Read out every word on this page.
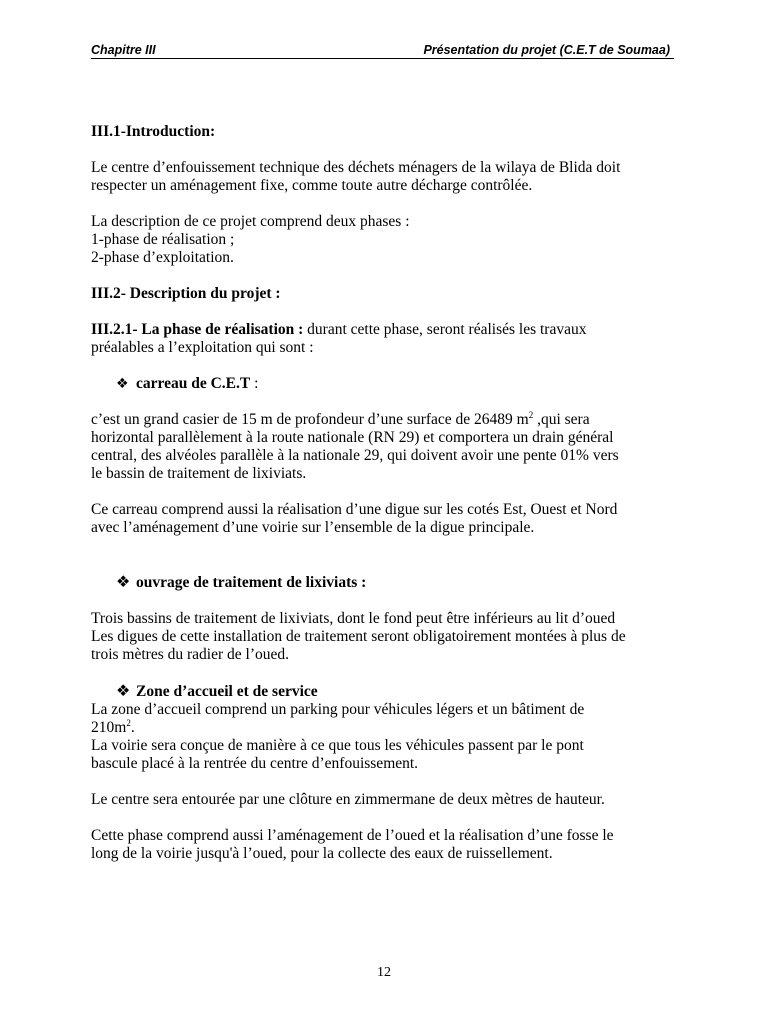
Chapitre III	Présentation du projet (C.E.T de Soumaa)

III.1-Introduction:

Le centre d’enfouissement technique des déchets ménagers de la wilaya de Blida doit
respecter un aménagement fixe, comme toute autre décharge contrôlée.

La description de ce projet comprend deux phases :
1-phase de réalisation ;
2-phase d’exploitation.

III.2- Description du projet :

III.2.1- La phase de réalisation : durant cette phase, seront réalisés les travaux
préalables a l’exploitation qui sont :

❖ carreau de C.E.T :

c’est un grand casier de 15 m de profondeur d’une surface de 26489 $m^2$ ,qui sera
horizontal parallèlement à la route nationale (RN 29) et comportera un drain général
central, des alvéoles parallèle à la nationale 29, qui doivent avoir une pente 01% vers
le bassin de traitement de lixiviats.

Ce carreau comprend aussi la réalisation d’une digue sur les cotés Est, Ouest et Nord
avec l’aménagement d’une voirie sur l’ensemble de la digue principale.

❖ ouvrage de traitement de lixiviats :

Trois bassins de traitement de lixiviats, dont le fond peut être inférieurs au lit d’oued
Les digues de cette installation de traitement seront obligatoirement montées à plus de
trois mètres du radier de l’oued.

❖ Zone d’accueil et de service

La zone d’accueil comprend un parking pour véhicules légers et un bâtiment de
$210m^2$.
La voirie sera conçue de manière à ce que tous les véhicules passent par le pont
bascule placé à la rentrée du centre d’enfouissement.

Le centre sera entourée par une clôture en zimmermane de deux mètres de hauteur.

Cette phase comprend aussi l’aménagement de l’oued et la réalisation d’une fosse le
long de la voirie jusqu'à l’oued, pour la collecte des eaux de ruissellement.

12
